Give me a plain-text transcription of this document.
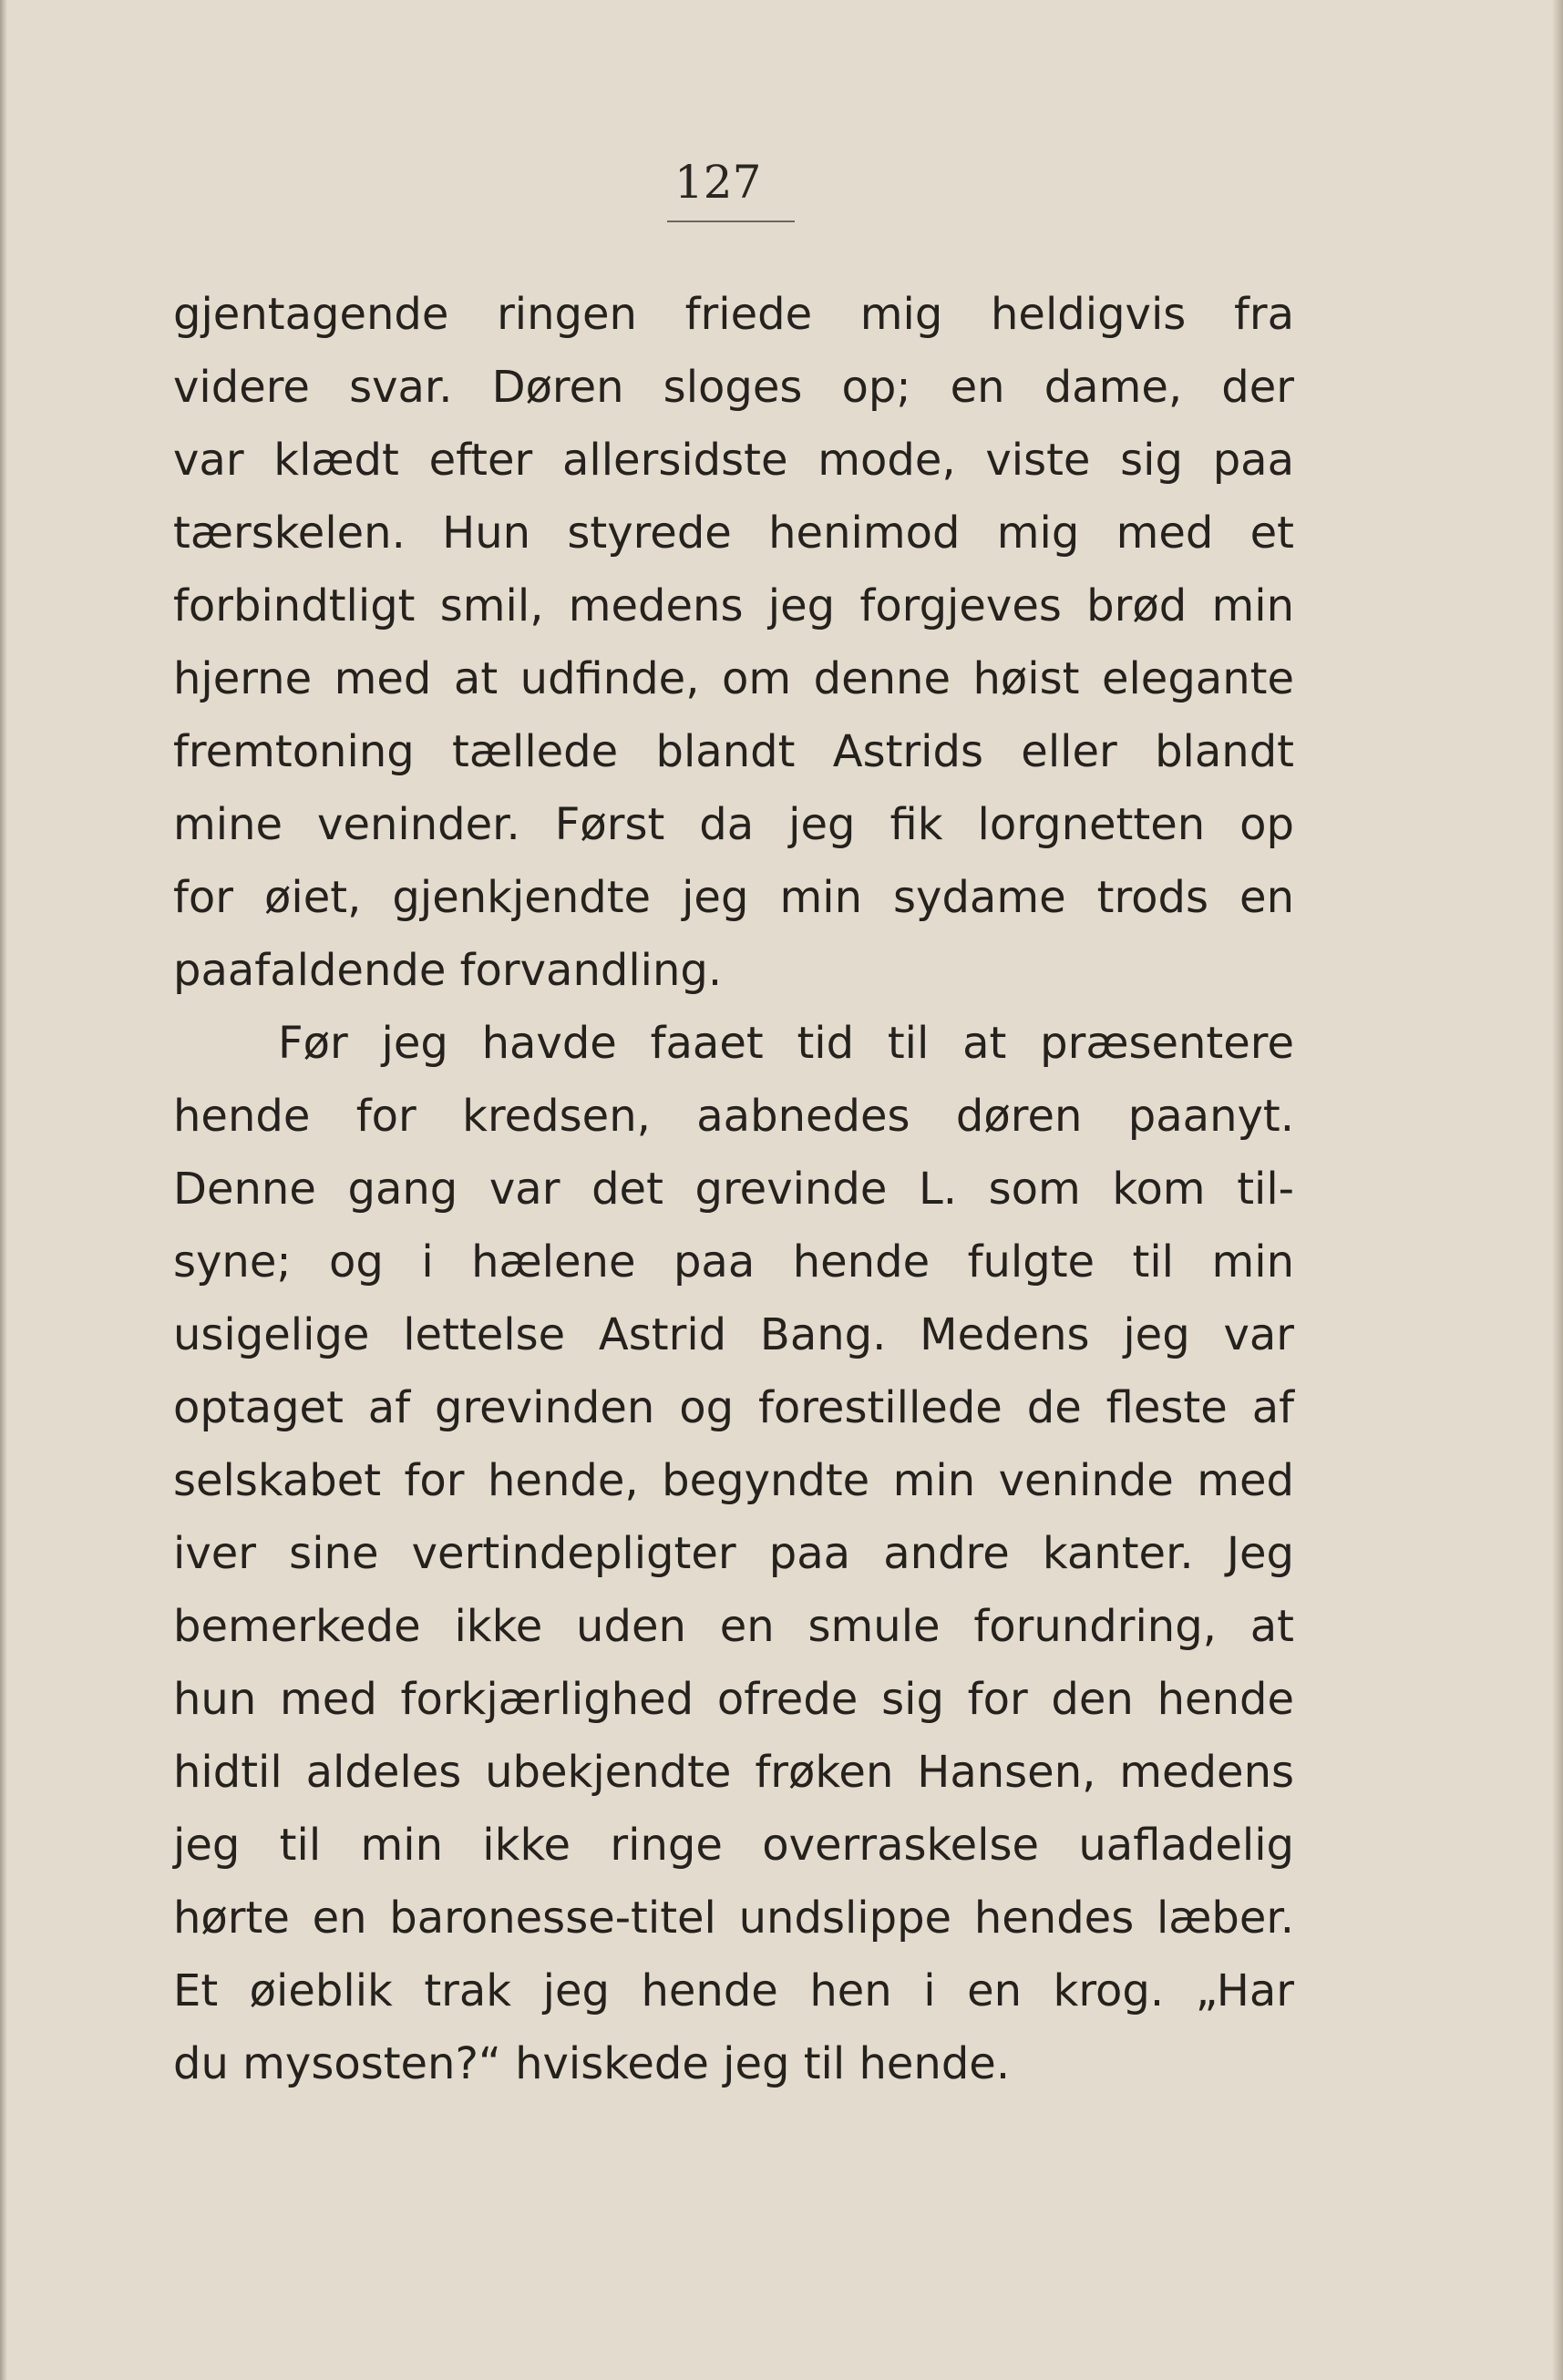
127
gjentagende ringen friede mig heldigvis fra
videre svar. Døren sloges op; en dame, der
var klædt efter allersidste mode, viste sig paa
tærskelen. Hun styrede henimod mig med et
forbindtligt smil, medens jeg forgjeves brød min
hjerne med at udfinde, om denne høist elegante
fremtoning tællede blandt Astrids eller blandt
mine veninder. Først da jeg fik lorgnetten op
for øiet, gjenkjendte jeg min sydame trods en
paafaldende forvandling.
Før jeg havde faaet tid til at præsentere
hende for kredsen, aabnedes døren paanyt.
Denne gang var det grevinde L. som kom til-
syne; og i hælene paa hende fulgte til min
usigelige lettelse Astrid Bang. Medens jeg var
optaget af grevinden og forestillede de fleste af
selskabet for hende, begyndte min veninde med
iver sine vertindepligter paa andre kanter. Jeg
bemerkede ikke uden en smule forundring, at
hun med forkjærlighed ofrede sig for den hende
hidtil aldeles ubekjendte frøken Hansen, medens
jeg til min ikke ringe overraskelse uafladelig
hørte en baronesse-titel undslippe hendes læber.
Et øieblik trak jeg hende hen i en krog. „Har
du mysosten?“ hviskede jeg til hende.
